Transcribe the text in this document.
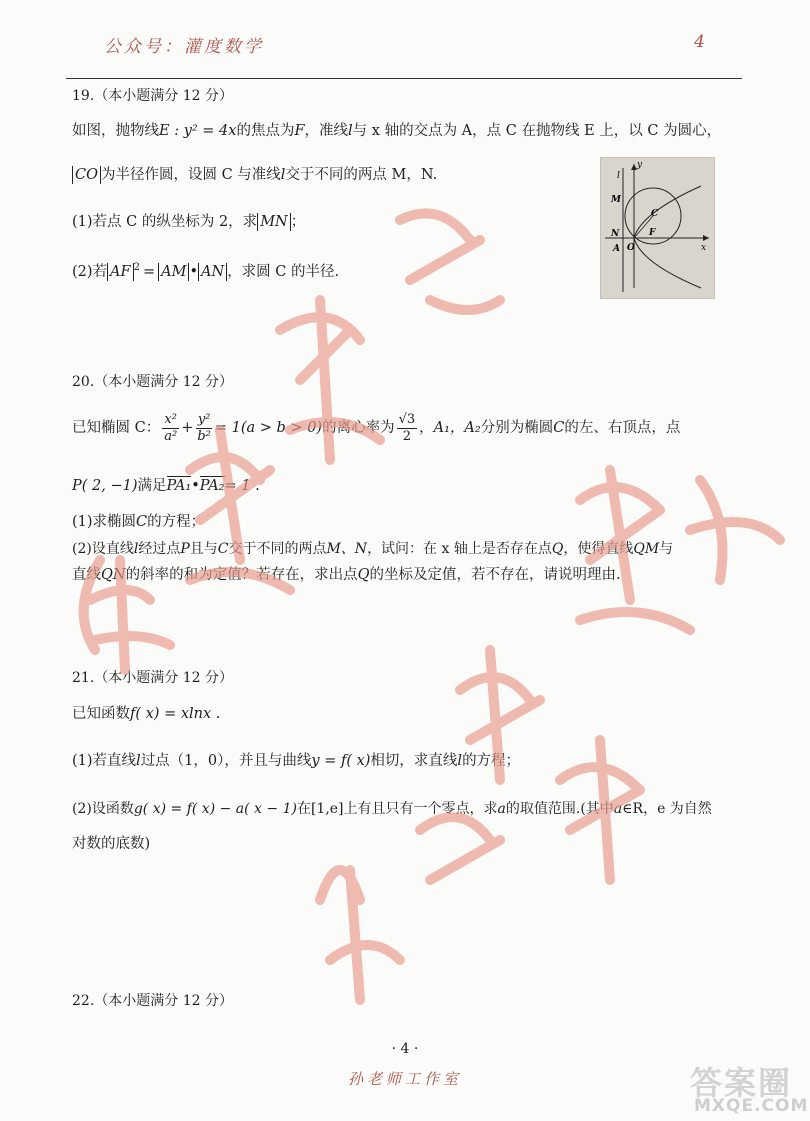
公众号：灌度数学	4
19.（本小题满分 12 分）
如图，抛物线E : y² = 4x的焦点为F，准线l与 x 轴的交点为 A，点 C 在抛物线 E 上，以 C 为圆心，
CO 为半径作圆，设圆 C 与准线l交于不同的两点 M，N.
(1)若点 C 的纵坐标为 2，求 MN ；
(2)若 AF $^2$ = AM • AN ，求圆 C 的半径.
y
l
M
C
N
O
F
x
A
20.（本小题满分 12 分）
已知椭圆 C： $\frac{\text{x²}}{\text{a²}} + \frac{\text{y²}}{\text{b²}} = 1(a > b > 0)$的离心率为 $\frac{√3}{2}$ ，A₁，A₂分别为椭圆C的左、右顶点，点
P( 2, −1)满足PA₁•PA₂= 1 .
(1)求椭圆C的方程；
(2)设直线l经过点P且与C交于不同的两点M、N，试问：在 x 轴上是否存在点Q，使得直线QM与
直线QN的斜率的和为定值？若存在，求出点Q的坐标及定值，若不存在，请说明理由.
21.（本小题满分 12 分）
已知函数f( x) = xlnx .
(1)若直线l过点（1，0），并且与曲线y = f( x)相切，求直线l的方程；
(2)设函数g( x) = f( x) − a( x − 1)在[1,e]上有且只有一个零点，求a的取值范围.(其中a∈R，e 为自然
对数的底数)
22.（本小题满分 12 分）
· 4 ·
孙老师工作室	答案圈
MXQE.COM
